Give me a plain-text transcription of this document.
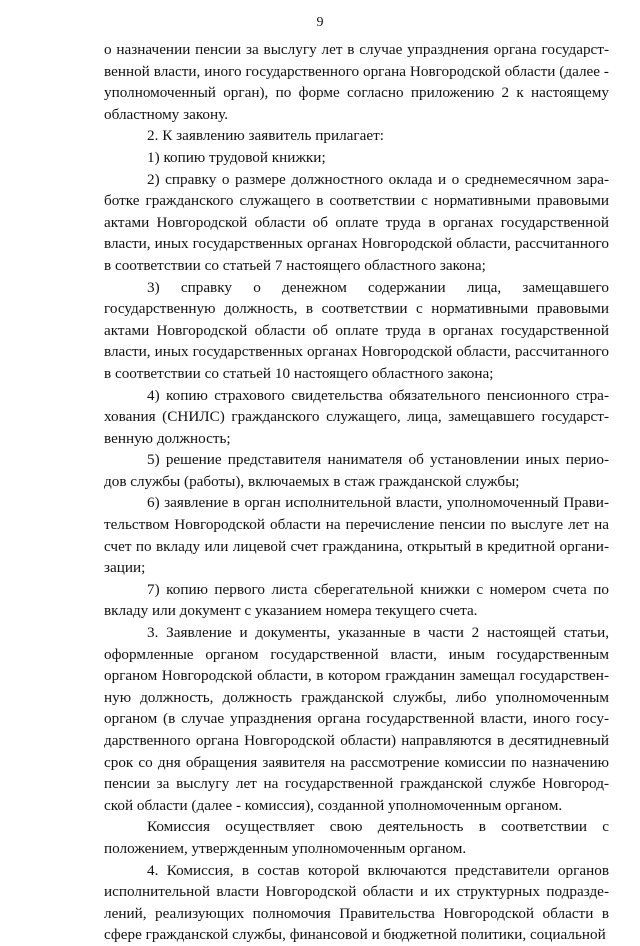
9

о назначении пенсии за выслугу лет в случае упразднения органа государственной власти, иного государственного органа Новгородской области (далее - уполномоченный орган), по форме согласно приложению 2 к настоящему областному закону.

2. К заявлению заявитель прилагает:

1) копию трудовой книжки;

2) справку о размере должностного оклада и о среднемесячном заработке гражданского служащего в соответствии с нормативными правовыми актами Новгородской области об оплате труда в органах государственной власти, иных государственных органах Новгородской области, рассчитанного в соответствии со статьей 7 настоящего областного закона;

3) справку о денежном содержании лица, замещавшего государственную должность, в соответствии с нормативными правовыми актами Новгородской области об оплате труда в органах государственной власти, иных государственных органах Новгородской области, рассчитанного в соответствии со статьей 10 настоящего областного закона;

4) копию страхового свидетельства обязательного пенсионного страхования (СНИЛС) гражданского служащего, лица, замещавшего государственную должность;

5) решение представителя нанимателя об установлении иных периодов службы (работы), включаемых в стаж гражданской службы;

6) заявление в орган исполнительной власти, уполномоченный Правительством Новгородской области на перечисление пенсии по выслуге лет на счет по вкладу или лицевой счет гражданина, открытый в кредитной организации;

7) копию первого листа сберегательной книжки с номером счета по вкладу или документ с указанием номера текущего счета.

3. Заявление и документы, указанные в части 2 настоящей статьи, оформленные органом государственной власти, иным государственным органом Новгородской области, в котором гражданин замещал государственную должность, должность гражданской службы, либо уполномоченным органом (в случае упразднения органа государственной власти, иного государственного органа Новгородской области) направляются в десятидневный срок со дня обращения заявителя на рассмотрение комиссии по назначению пенсии за выслугу лет на государственной гражданской службе Новгородской области (далее - комиссия), созданной уполномоченным органом.

Комиссия осуществляет свою деятельность в соответствии с положением, утвержденным уполномоченным органом.

4. Комиссия, в состав которой включаются представители органов исполнительной власти Новгородской области и их структурных подразделений, реализующих полномочия Правительства Новгородской области в сфере гражданской службы, финансовой и бюджетной политики, социальной
